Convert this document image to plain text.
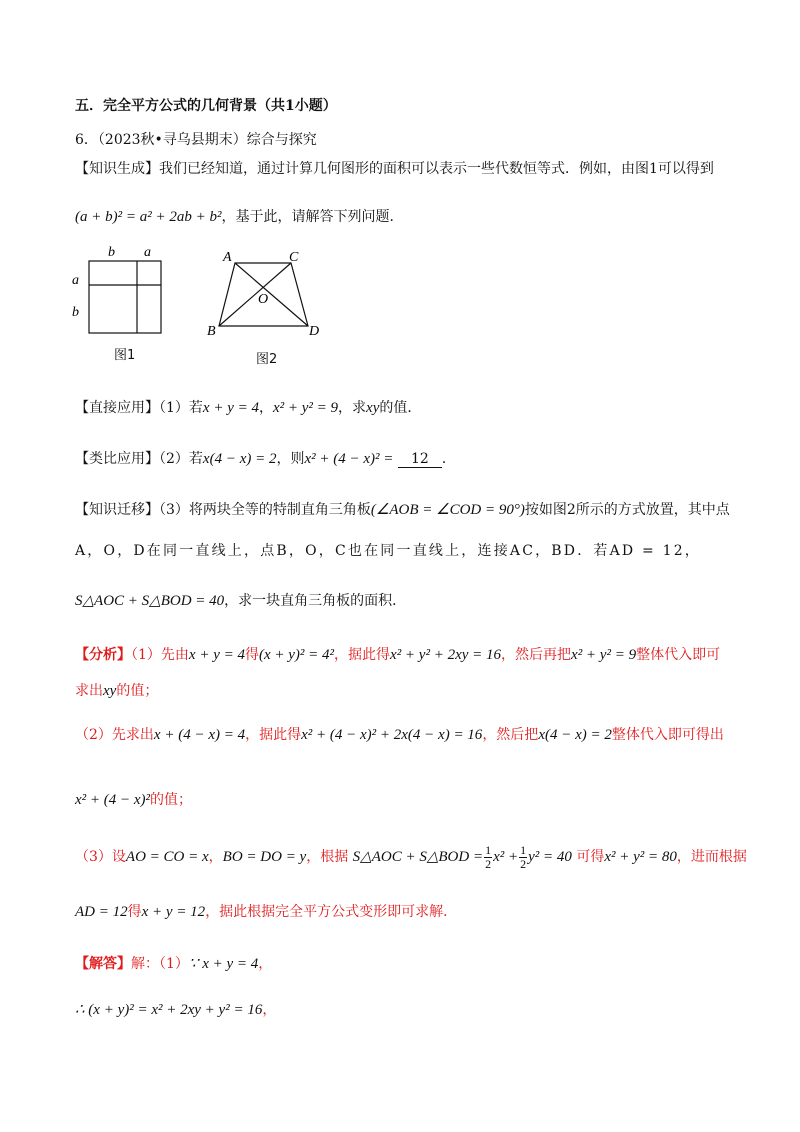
五．完全平方公式的几何背景（共1小题）
6．（2023秋•寻乌县期末）综合与探究
【知识生成】我们已经知道，通过计算几何图形的面积可以表示一些代数恒等式．例如，由图1可以得到
(a + b)² = a² + 2ab + b²，基于此，请解答下列问题．
b a
a
b
图1
A	C
O
B	D
图2
【直接应用】（1）若x + y = 4，x² + y² = 9，求xy的值．
【类比应用】（2）若x(4 − x) = 2，则x² + (4 − x)² = 12 ．
【知识迁移】（3）将两块全等的特制直角三角板(∠AOB = ∠COD = 90°)按如图2所示的方式放置，其中点
A，O，D在同一直线上，点B，O，C也在同一直线上，连接AC，BD．若AD = 12，
S△AOC + S△BOD = 40，求一块直角三角板的面积．
【分析】（1）先由x + y = 4得(x + y)² = 4²，据此得x² + y² + 2xy = 16，然后再把x² + y² = 9整体代入即可
求出xy的值；
（2）先求出x + (4 − x) = 4，据此得x² + (4 − x)² + 2x(4 − x) = 16，然后把x(4 − x) = 2整体代入即可得出
x² + (4 − x)²的值；
（3）设AO = CO = x，BO = DO = y，根据 S△AOC + S△BOD = $\frac{1}{2} x^2 + \frac{1}{2} y^2 = 40$ 可得x² + y² = 80，进而根据
AD = 12得x + y = 12，据此根据完全平方公式变形即可求解．
【解答】解：（1）∵ x + y = 4，
∴ (x + y)² = x² + 2xy + y² = 16，
